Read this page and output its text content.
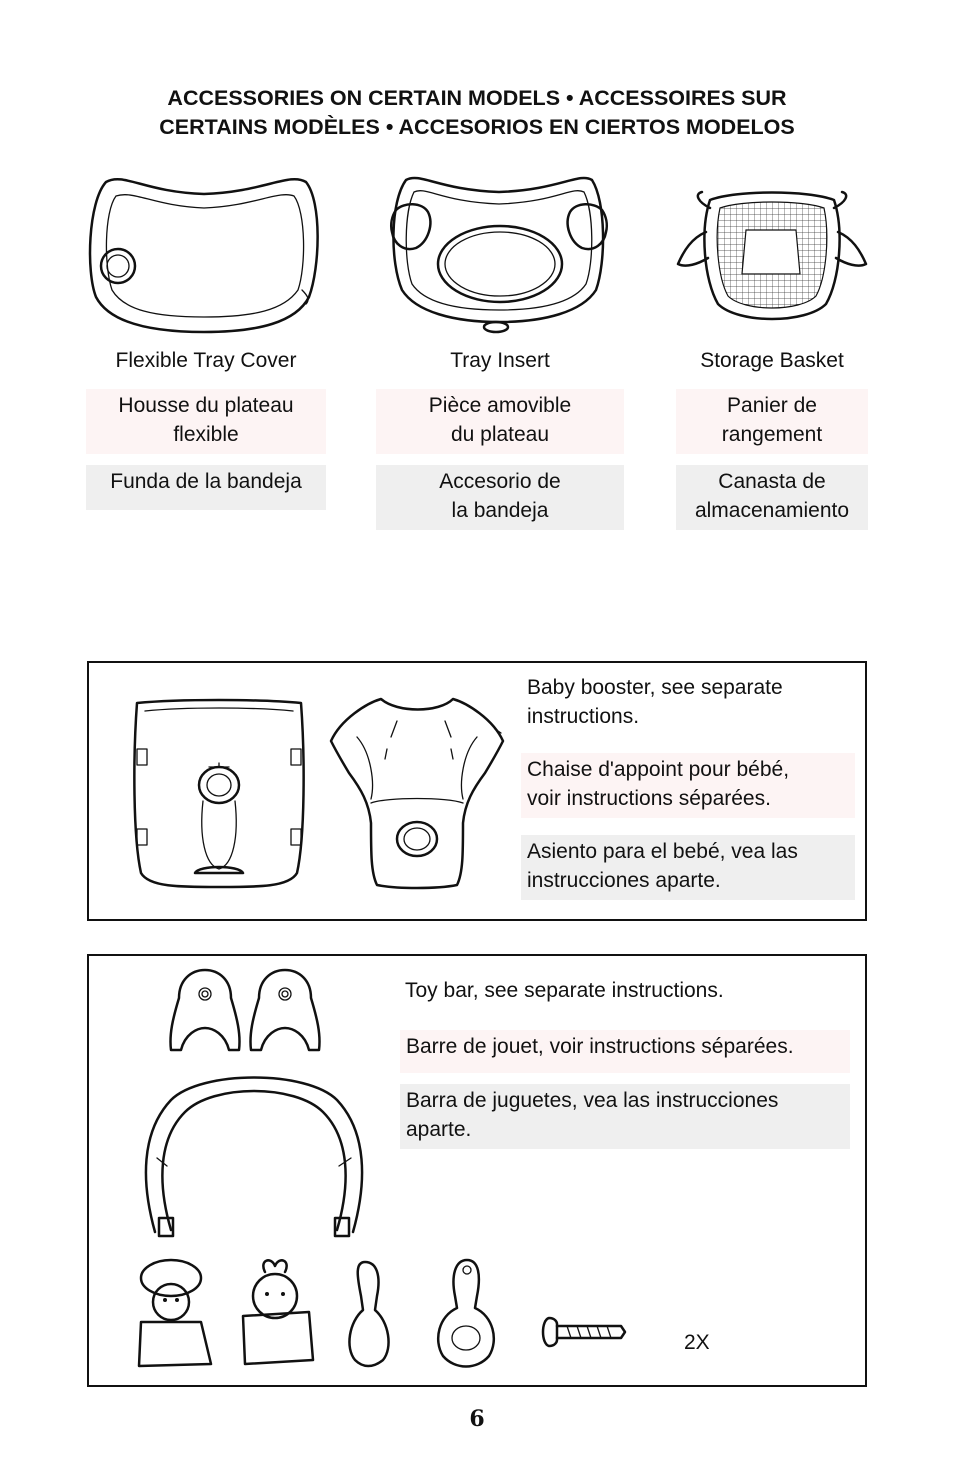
ACCESSORIES ON CERTAIN MODELS • ACCESSOIRES SUR
CERTAINS MODÈLES • ACCESORIOS EN CIERTOS MODELOS
Flexible Tray Cover
Housse du plateau
flexible
Funda de la bandeja
Tray Insert
Pièce amovible
du plateau
Accesorio de
la bandeja
Storage Basket
Panier de
rangement
Canasta de
almacenamiento
Baby booster, see separate
instructions.
Chaise d'appoint pour bébé,
voir instructions séparées.
Asiento para el bebé, vea las
instrucciones aparte.
2X
Toy bar, see separate instructions.
Barre de jouet, voir instructions séparées.
Barra de juguetes, vea las instrucciones
aparte.
6
